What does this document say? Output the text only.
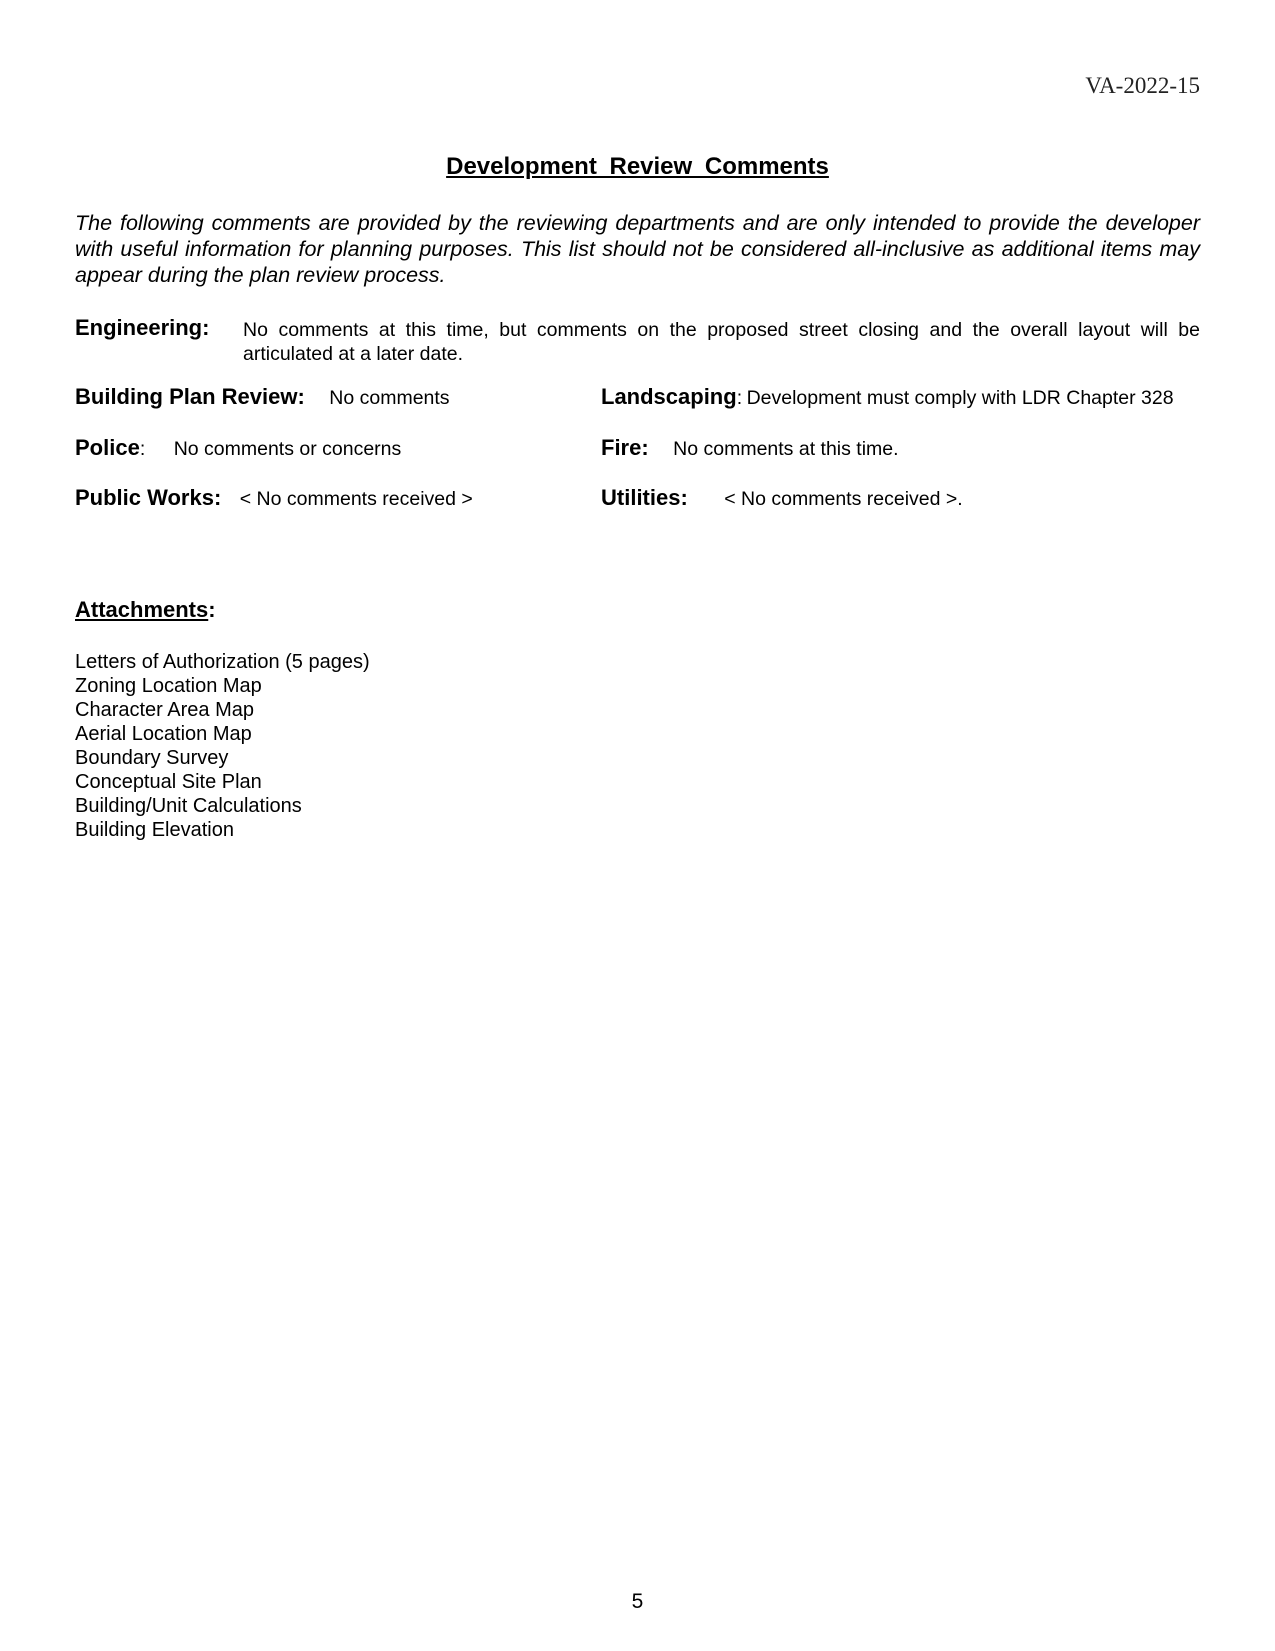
VA-2022-15
Development Review Comments

The following comments are provided by the reviewing departments and are only intended to provide the developer with useful information for planning purposes. This list should not be considered all-inclusive as additional items may appear during the plan review process.

Engineering: No comments at this time, but comments on the proposed street closing and the overall layout will be articulated at a later date.
Building Plan Review: No comments	Landscaping: Development must comply with LDR Chapter 328
Police: No comments or concerns	Fire: No comments at this time.
Public Works: < No comments received >	Utilities: < No comments received >.
Attachments:
Letters of Authorization (5 pages)
Zoning Location Map
Character Area Map
Aerial Location Map
Boundary Survey
Conceptual Site Plan
Building/Unit Calculations
Building Elevation
5
